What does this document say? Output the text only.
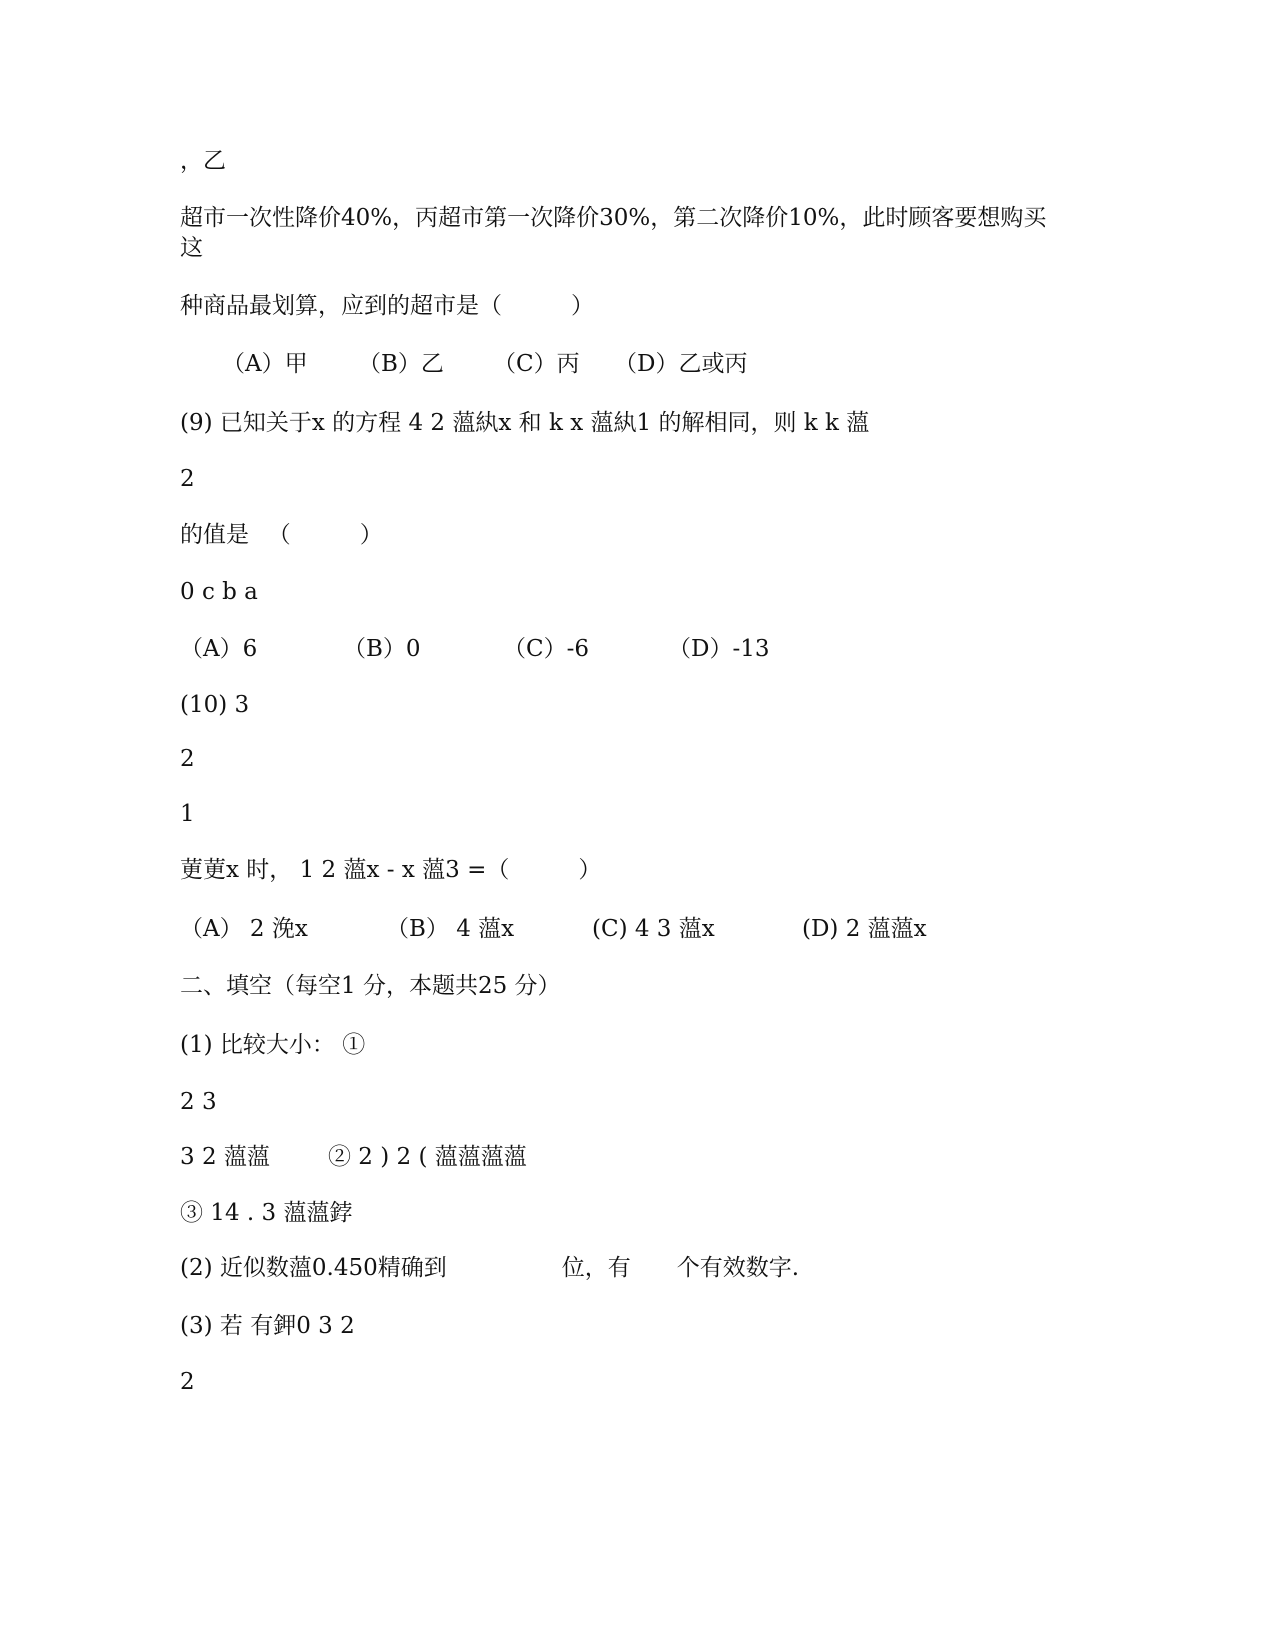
，乙
超市一次性降价40%，丙超市第一次降价30%，第二次降价10%，此时顾客要想购买这
种商品最划算，应到的超市是（　　　）
（A）甲 （B）乙 （C）丙 （D）乙或丙
(9) 已知关于x 的方程 4 2 薀紈x 和 k x 薀紈1 的解相同，则 k k 薀
2
的值是 　（　　　）
0 c b a
（A）6	（B）0	（C）-6	（D）-13
(10) 3
2
1
莄莄x 时， 1 2 薀x - x 薀3 =（　　　）
（A） 2 浼x	（B） 4 薀x	(C) 4 3 薀x	(D) 2 薀薀x
二、填空（每空1 分，本题共25 分）
(1) 比较大小： ①
2 3
3 2 薀薀	② 2 ) 2 ( 薀薀薀薀
③ 14 . 3 薀薀鋍
(2) 近似数薀0.450精确到　　　　　位，有　　个有效数字.
(3) 若 有鉀0 3 2
2
